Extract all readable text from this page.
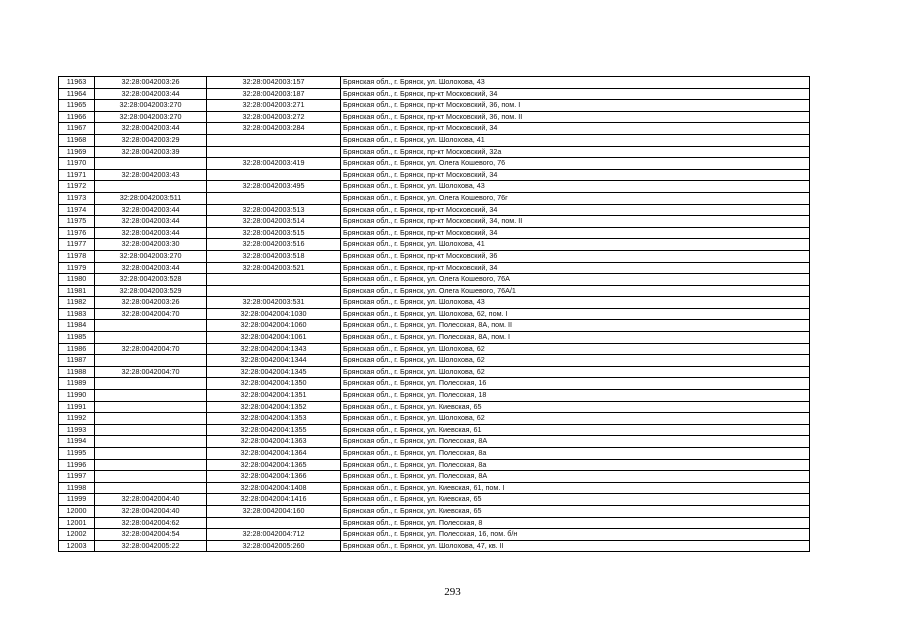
11963	32:28:0042003:26	32:28:0042003:157	Брянская обл., г. Брянск, ул. Шолохова, 43
11964	32:28:0042003:44	32:28:0042003:187	Брянская обл., г. Брянск, пр-кт Московский, 34
11965	32:28:0042003:270	32:28:0042003:271	Брянская обл., г. Брянск, пр-кт Московский, 36, пом. I
11966	32:28:0042003:270	32:28:0042003:272	Брянская обл., г. Брянск, пр-кт Московский, 36, пом. II
11967	32:28:0042003:44	32:28:0042003:284	Брянская обл., г. Брянск, пр-кт Московский, 34
11968	32:28:0042003:29		Брянская обл., г. Брянск, ул. Шолохова, 41
11969	32:28:0042003:39		Брянская обл., г. Брянск, пр-кт Московский, 32а
11970		32:28:0042003:419	Брянская обл., г. Брянск, ул. Олега Кошевого, 76
11971	32:28:0042003:43		Брянская обл., г. Брянск, пр-кт Московский, 34
11972		32:28:0042003:495	Брянская обл., г. Брянск, ул. Шолохова, 43
11973	32:28:0042003:511		Брянская обл., г. Брянск, ул. Олега Кошевого, 76г
11974	32:28:0042003:44	32:28:0042003:513	Брянская обл., г. Брянск, пр-кт Московский, 34
11975	32:28:0042003:44	32:28:0042003:514	Брянская обл., г. Брянск, пр-кт Московский, 34, пом. II
11976	32:28:0042003:44	32:28:0042003:515	Брянская обл., г. Брянск, пр-кт Московский, 34
11977	32:28:0042003:30	32:28:0042003:516	Брянская обл., г. Брянск, ул. Шолохова, 41
11978	32:28:0042003:270	32:28:0042003:518	Брянская обл., г. Брянск, пр-кт Московский, 36
11979	32:28:0042003:44	32:28:0042003:521	Брянская обл., г. Брянск, пр-кт Московский, 34
11980	32:28:0042003:528		Брянская обл., г. Брянск, ул. Олега Кошевого, 76А
11981	32:28:0042003:529		Брянская обл., г. Брянск, ул. Олега Кошевого, 76А/1
11982	32:28:0042003:26	32:28:0042003:531	Брянская обл., г. Брянск, ул. Шолохова, 43
11983	32:28:0042004:70	32:28:0042004:1030	Брянская обл., г. Брянск, ул. Шолохова, 62, пом. I
11984		32:28:0042004:1060	Брянская обл., г. Брянск, ул. Полесская, 8А, пом. II
11985		32:28:0042004:1061	Брянская обл., г. Брянск, ул. Полесская, 8А, пом. I
11986	32:28:0042004:70	32:28:0042004:1343	Брянская обл., г. Брянск, ул. Шолохова, 62
11987		32:28:0042004:1344	Брянская обл., г. Брянск, ул. Шолохова, 62
11988	32:28:0042004:70	32:28:0042004:1345	Брянская обл., г. Брянск, ул. Шолохова, 62
11989		32:28:0042004:1350	Брянская обл., г. Брянск, ул. Полесская, 16
11990		32:28:0042004:1351	Брянская обл., г. Брянск, ул. Полесская, 18
11991		32:28:0042004:1352	Брянская обл., г. Брянск, ул. Киевская, 65
11992		32:28:0042004:1353	Брянская обл., г. Брянск, ул. Шолохова, 62
11993		32:28:0042004:1355	Брянская обл., г. Брянск, ул. Киевская, 61
11994		32:28:0042004:1363	Брянская обл., г. Брянск, ул. Полесская, 8А
11995		32:28:0042004:1364	Брянская обл., г. Брянск, ул. Полесская, 8а
11996		32:28:0042004:1365	Брянская обл., г. Брянск, ул. Полесская, 8а
11997		32:28:0042004:1366	Брянская обл., г. Брянск, ул. Полесская, 8А
11998		32:28:0042004:1408	Брянская обл., г. Брянск, ул. Киевская, 61, пом. I
11999	32:28:0042004:40	32:28:0042004:1416	Брянская обл., г. Брянск, ул. Киевская, 65
12000	32:28:0042004:40	32:28:0042004:160	Брянская обл., г. Брянск, ул. Киевская, 65
12001	32:28:0042004:62		Брянская обл., г. Брянск, ул. Полесская, 8
12002	32:28:0042004:54	32:28:0042004:712	Брянская обл., г. Брянск, ул. Полесская, 16, пом. б/н
12003	32:28:0042005:22	32:28:0042005:260	Брянская обл., г. Брянск, ул. Шолохова, 47, кв. II
293
